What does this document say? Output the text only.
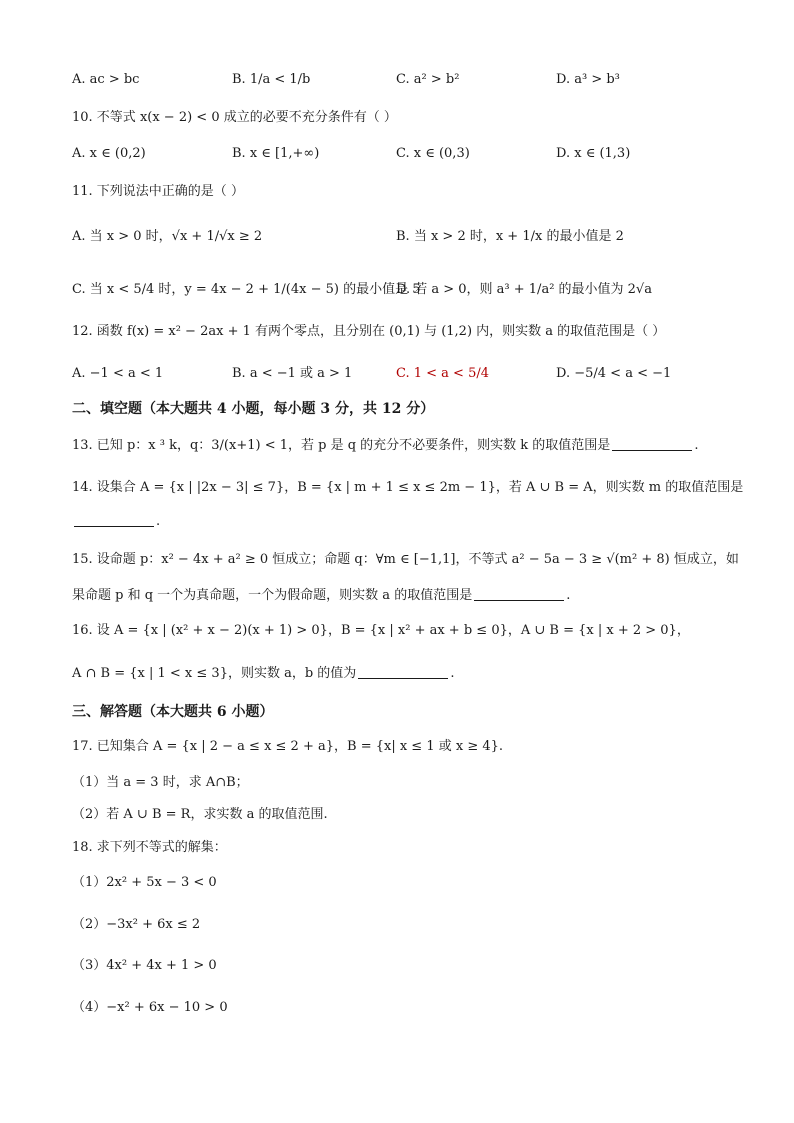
A. ac > bc	B. 1/a < 1/b	C. a² > b²	D. a³ > b³
10. 不等式 x(x − 2) < 0 成立的必要不充分条件有（ ）
A. x ∈ (0,2)	B. x ∈ [1,+∞)	C. x ∈ (0,3)	D. x ∈ (1,3)
11. 下列说法中正确的是（ ）
A. 当 x > 0 时，√x + 1/√x ≥ 2	B. 当 x > 2 时，x + 1/x 的最小值是 2
C. 当 x < 5/4 时，y = 4x − 2 + 1/(4x − 5) 的最小值是 5
D. 若 a > 0，则 a³ + 1/a² 的最小值为 2√a
12. 函数 f(x) = x² − 2ax + 1 有两个零点，且分别在 (0,1) 与 (1,2) 内，则实数 a 的取值范围是（ ）
A. −1 < a < 1	B. a < −1 或 a > 1	C. 1 < a < 5/4	D. −5/4 < a < −1
二、填空题（本大题共 4 小题，每小题 3 分，共 12 分）
13. 已知 p：x ³ k，q：3/(x+1) < 1，若 p 是 q 的充分不必要条件，则实数 k 的取值范围是	.
14. 设集合 A = {x | |2x − 3| ≤ 7}，B = {x | m + 1 ≤ x ≤ 2m − 1}，若 A ∪ B = A，则实数 m 的取值范围是
.
15. 设命题 p：x² − 4x + a² ≥ 0 恒成立；命题 q：∀m ∈ [−1,1]，不等式 a² − 5a − 3 ≥ √(m² + 8) 恒成立，如
果命题 p 和 q 一个为真命题，一个为假命题，则实数 a 的取值范围是	.
16. 设 A = {x | (x² + x − 2)(x + 1) > 0}，B = {x | x² + ax + b ≤ 0}，A ∪ B = {x | x + 2 > 0}，
A ∩ B = {x | 1 < x ≤ 3}，则实数 a，b 的值为	.
三、解答题（本大题共 6 小题）
17. 已知集合 A = {x | 2 − a ≤ x ≤ 2 + a}，B = {x| x ≤ 1 或 x ≥ 4}.
（1）当 a = 3 时，求 A∩B；
（2）若 A ∪ B = R，求实数 a 的取值范围.
18. 求下列不等式的解集：
（1）2x² + 5x − 3 < 0
（2）−3x² + 6x ≤ 2
（3）4x² + 4x + 1 > 0
（4）−x² + 6x − 10 > 0
